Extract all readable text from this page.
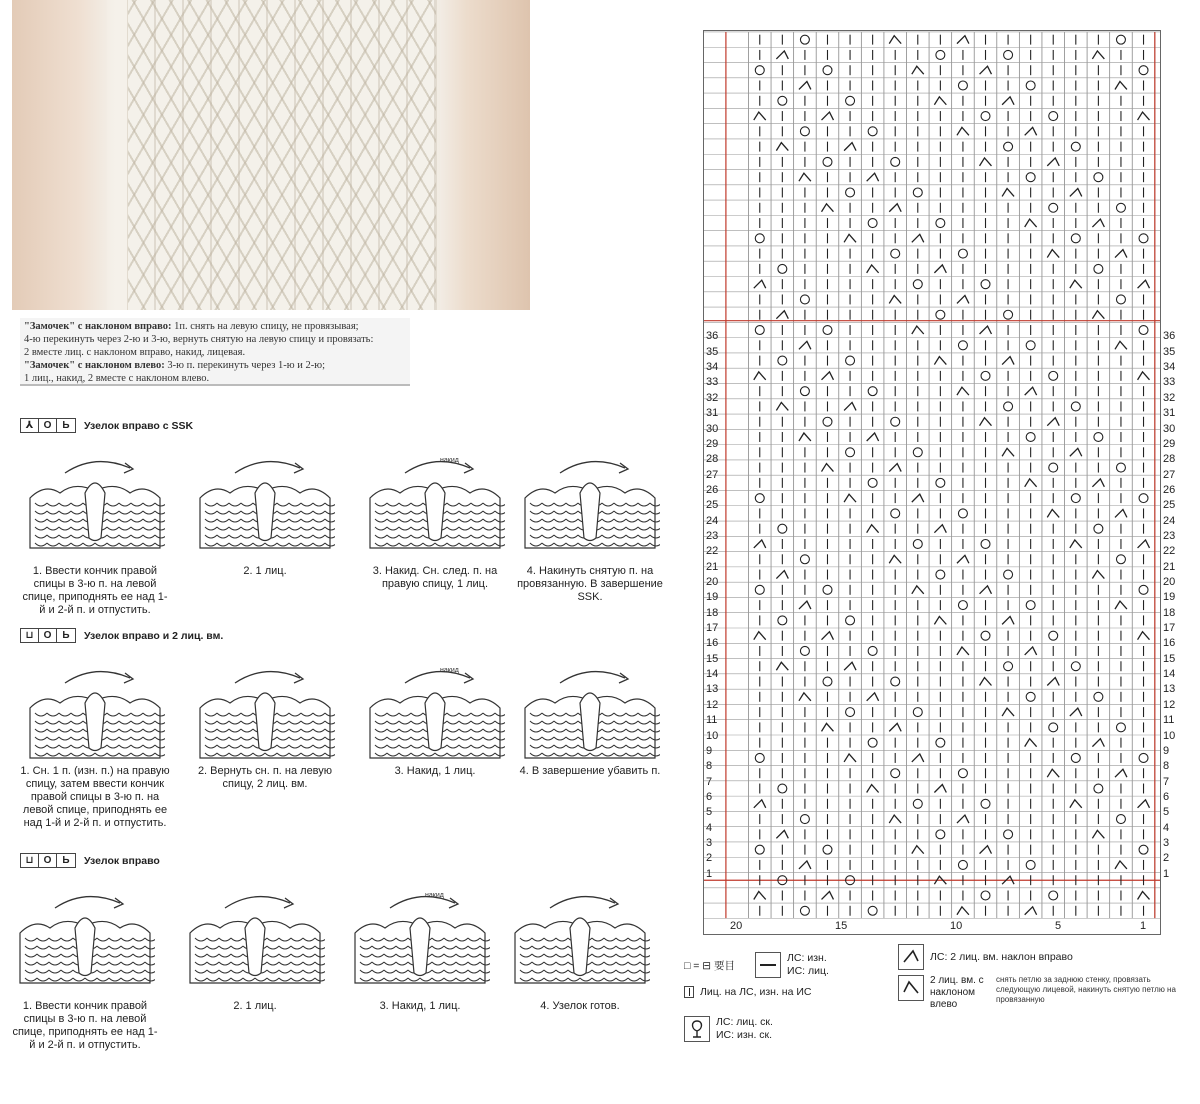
"Замочек" с наклоном вправо: 1п. снять на левую спицу, не провязывая;
4-ю перекинуть через 2-ю и 3-ю, вернуть снятую на левую спицу и провязать:
2 вместе лиц. с наклоном вправо, накид, лицевая.
"Замочек" с наклоном влево: 3-ю п. перекинуть через 1-ю и 2-ю;
1 лиц., накид, 2 вместе с наклоном влево.
⅄	O	Ь	Узелок вправо с SSK
⊔	O	Ь	Узелок вправо и 2 лиц. вм.
⊔	O	Ь	Узелок вправо
1. Ввести кончик правой спицы в 3-ю п. на левой спице, приподнять ее над 1-й и 2-й п. и отпустить.
2. 1 лиц.
накид
3. Накид. Сн. след. п. на правую спицу, 1 лиц.
4. Накинуть снятую п. на провязанную. В завершение SSK.
1. Сн. 1 п. (изн. п.) на правую спицу, затем ввести кончик правой спицы в 3-ю п. на левой спице, приподнять ее над 1-й и 2-й п. и отпустить.
2. Вернуть сн. п. на левую спицу, 2 лиц. вм.
накид
3. Накид, 1 лиц.	4. В завершение убавить п.
1. Ввести кончик правой спицы в 3-ю п. на левой спице, приподнять ее над 1-й и 2-й п. и отпустить.
2. 1 лиц.
накид
3. Накид, 1 лиц.	4. Узелок готов.
1
1
2
2
3
3
4
4
5
5
6
6
7
7
8
8
9
9
10
10
11
11
12
12
13
13
14
14
15
15
16
16
17
17
18
18
19
19
20
20
21
21
22
22
23
23
24
24
25
25
26
26
27
27
28
28
29
29
30
30
31
31
32
32
33
33
34
34
35
35
36
36
20	15	10	5	1
□ = ⊟ 要目
ЛС: изн. ИС: лиц.
Лиц. на ЛС, изн. на ИС
ЛС: лиц. ск. ИС: изн. ск.
ЛС: 2 лиц. вм. наклон вправо
2 лиц. вм. с наклоном влево
снять петлю за заднюю стенку, провязать следующую лицевой, накинуть снятую петлю на провязанную
